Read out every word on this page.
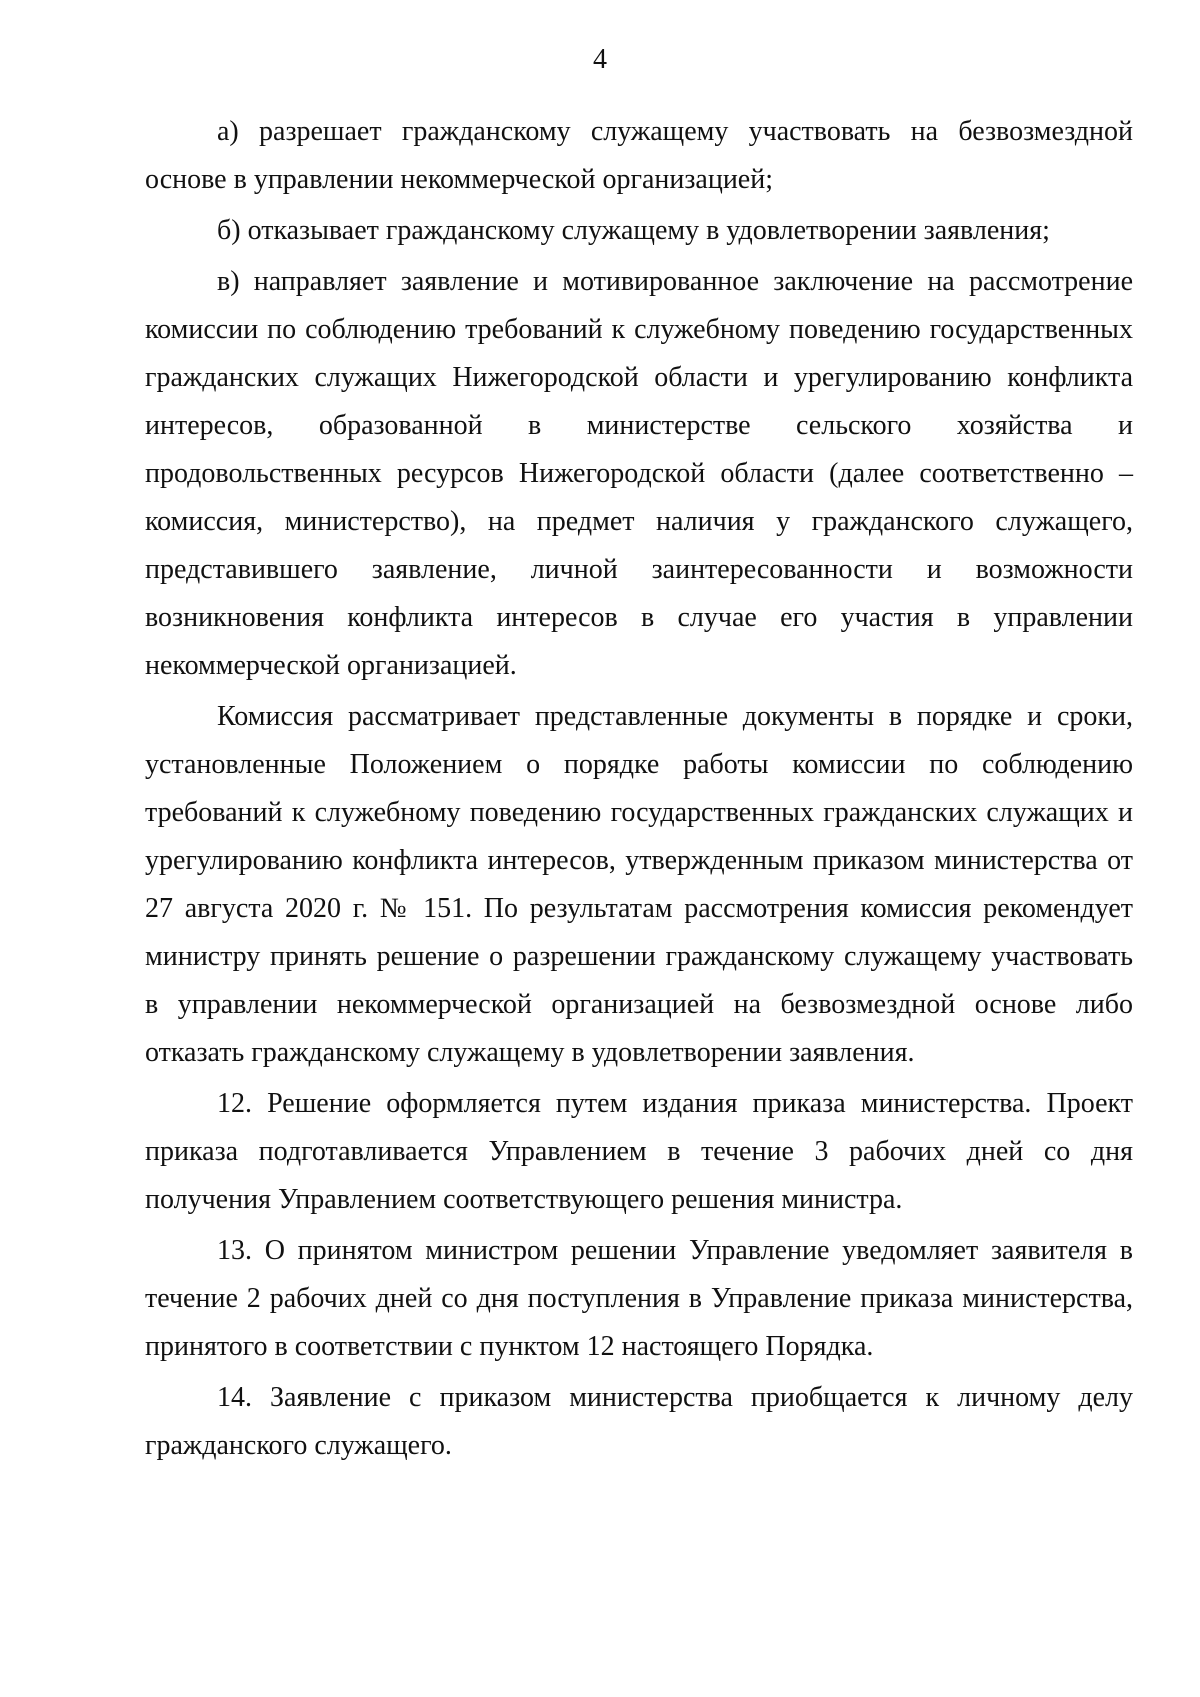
4

а) разрешает гражданскому служащему участвовать на безвозмездной основе в управлении некоммерческой организацией;

б) отказывает гражданскому служащему в удовлетворении заявления;

в) направляет заявление и мотивированное заключение на рассмотрение комиссии по соблюдению требований к служебному поведению государственных гражданских служащих Нижегородской области и урегулированию конфликта интересов, образованной в министерстве сельского хозяйства и продовольственных ресурсов Нижегородской области (далее соответственно – комиссия, министерство), на предмет наличия у гражданского служащего, представившего заявление, личной заинтересованности и возможности возникновения конфликта интересов в случае его участия в управлении некоммерческой организацией.

Комиссия рассматривает представленные документы в порядке и сроки, установленные Положением о порядке работы комиссии по соблюдению требований к служебному поведению государственных гражданских служащих и урегулированию конфликта интересов, утвержденным приказом министерства от 27 августа 2020 г. № 151. По результатам рассмотрения комиссия рекомендует министру принять решение о разрешении гражданскому служащему участвовать в управлении некоммерческой организацией на безвозмездной основе либо отказать гражданскому служащему в удовлетворении заявления.

12. Решение оформляется путем издания приказа министерства. Проект приказа подготавливается Управлением в течение 3 рабочих дней со дня получения Управлением соответствующего решения министра.

13. О принятом министром решении Управление уведомляет заявителя в течение 2 рабочих дней со дня поступления в Управление приказа министерства, принятого в соответствии с пунктом 12 настоящего Порядка.

14. Заявление с приказом министерства приобщается к личному делу гражданского служащего.
